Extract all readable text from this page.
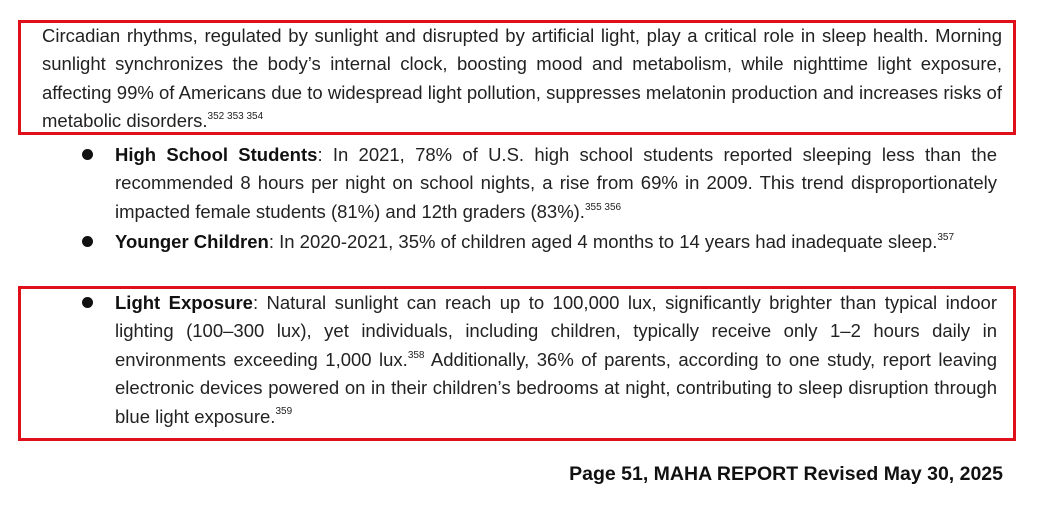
Circadian rhythms, regulated by sunlight and disrupted by artificial light, play a critical role in sleep health. Morning sunlight synchronizes the body’s internal clock, boosting mood and metabolism, while nighttime light exposure, affecting 99% of Americans due to widespread light pollution, suppresses melatonin production and increases risks of metabolic disorders.$^{352 353 354}$

High School Students: In 2021, 78% of U.S. high school students reported sleeping less than the recommended 8 hours per night on school nights, a rise from 69% in 2009. This trend disproportionately impacted female students (81%) and 12th graders (83%).$^{355 356}$

Younger Children: In 2020-2021, 35% of children aged 4 months to 14 years had inadequate sleep.$^{357}$

Light Exposure: Natural sunlight can reach up to 100,000 lux, significantly brighter than typical indoor lighting (100–300 lux), yet individuals, including children, typically receive only 1–2 hours daily in environments exceeding 1,000 lux.$^{358}$ Additionally, 36% of parents, according to one study, report leaving electronic devices powered on in their children’s bedrooms at night, contributing to sleep disruption through blue light exposure.$^{359}$

Page 51, MAHA REPORT Revised May 30, 2025
